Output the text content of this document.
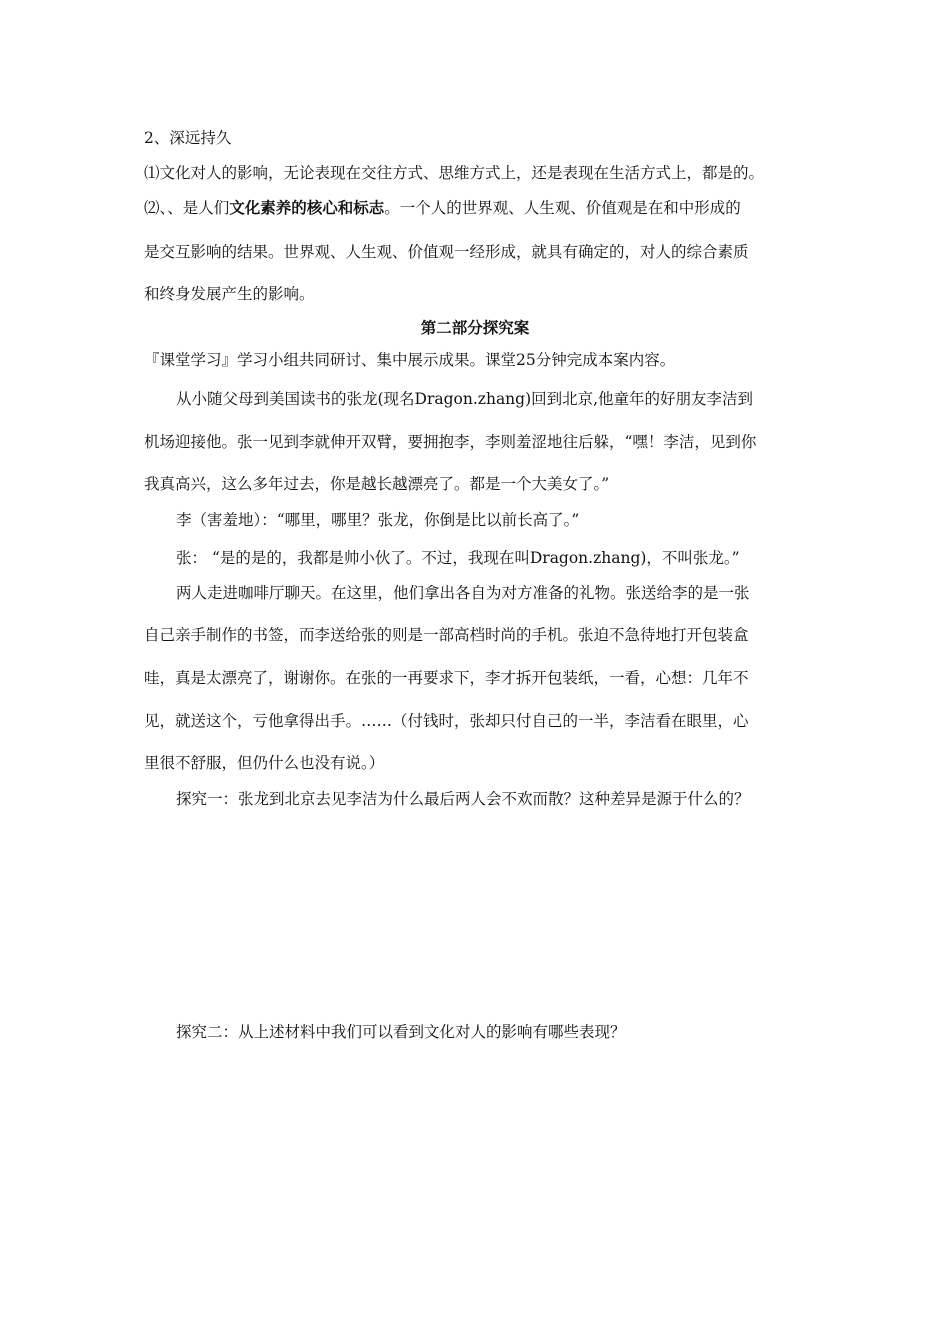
2、深远持久
⑴文化对人的影响，无论表现在交往方式、思维方式上，还是表现在生活方式上，都是的。
⑵、、是人们文化素养的核心和标志。一个人的世界观、人生观、价值观是在和中形成的
是交互影响的结果。世界观、人生观、价值观一经形成，就具有确定的，对人的综合素质
和终身发展产生的影响。
第二部分探究案
『课堂学习』学习小组共同研讨、集中展示成果。课堂25分钟完成本案内容。
从小随父母到美国读书的张龙(现名Dragon.zhang)回到北京,他童年的好朋友李洁到
机场迎接他。张一见到李就伸开双臂，要拥抱李，李则羞涩地往后躲，“嘿！李洁，见到你
我真高兴，这么多年过去，你是越长越漂亮了。都是一个大美女了。”
李（害羞地）：“哪里，哪里？张龙，你倒是比以前长高了。”
张： “是的是的，我都是帅小伙了。不过，我现在叫Dragon.zhang)，不叫张龙。”
两人走进咖啡厅聊天。在这里，他们拿出各自为对方准备的礼物。张送给李的是一张
自己亲手制作的书签，而李送给张的则是一部高档时尚的手机。张迫不急待地打开包装盒
哇，真是太漂亮了，谢谢你。在张的一再要求下，李才拆开包装纸，一看，心想：几年不
见，就送这个，亏他拿得出手。……（付钱时，张却只付自己的一半，李洁看在眼里，心
里很不舒服，但仍什么也没有说。）
探究一：张龙到北京去见李洁为什么最后两人会不欢而散？这种差异是源于什么的？
探究二：从上述材料中我们可以看到文化对人的影响有哪些表现？
